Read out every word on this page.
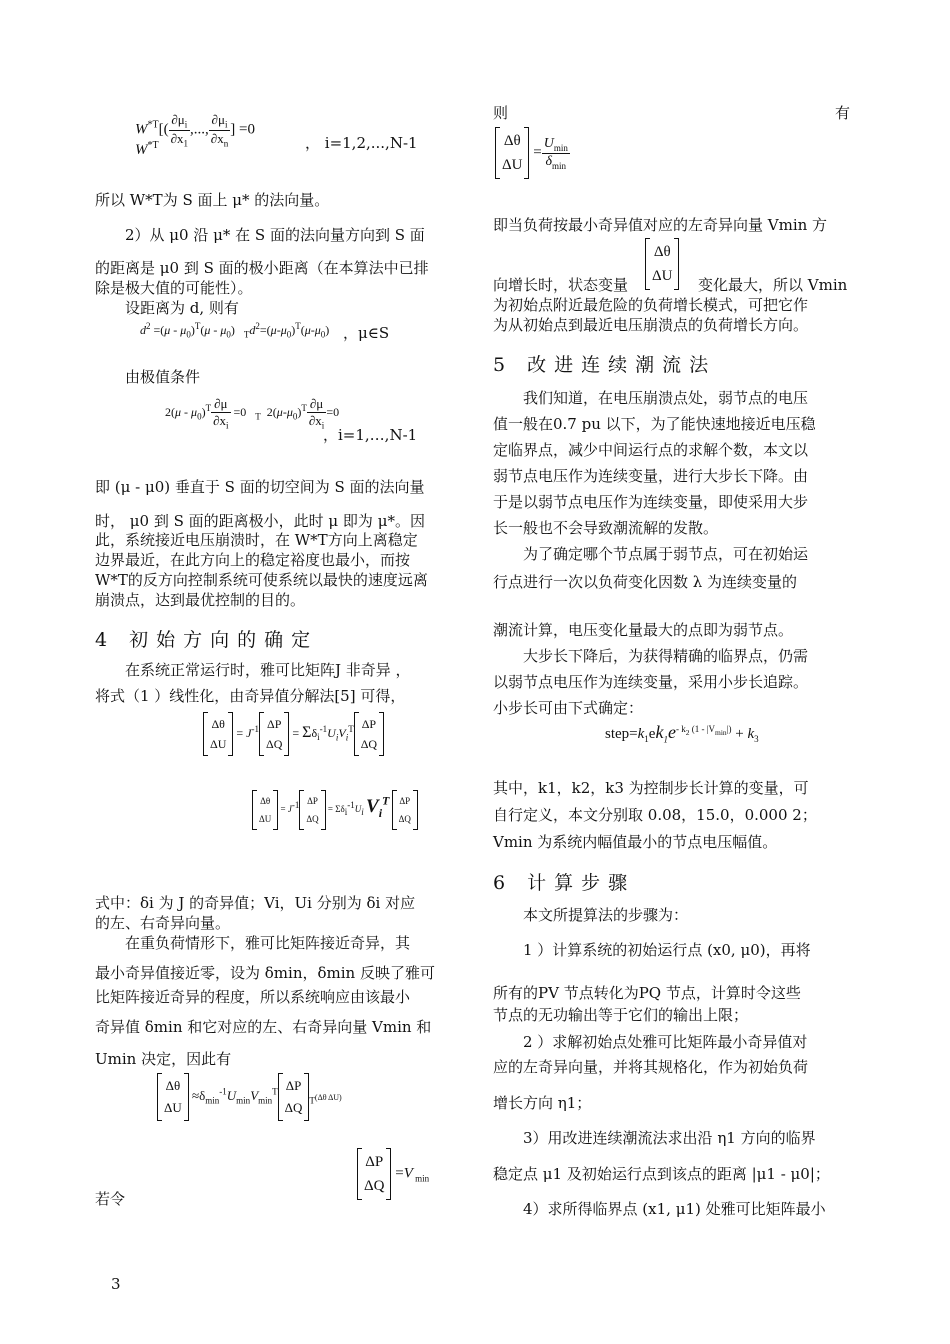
$W^{*T}[( \frac{\partial\mu_i}{\partial x_1}$ ,..., $\frac{\partial\mu_i}{\partial x_n}$ ] =0
$W^{*T}$	， i=1,2,...,N-1
所以 W*T为 S 面上 μ* 的法向量。
2）从 μ0 沿 μ* 在 S 面的法向量方向到 S 面
的距离是 μ0 到 S 面的极小距离（在本算法中已排
除是极大值的可能性）。
设距离为 d, 则有
$d^2 =(\mu - \mu_0)^T(\mu - \mu_0)$   $_Td^2=(\mu-\mu_0)^T(\mu-\mu_0)$ ，μ∈S
由极值条件
$2(\mu - \mu_0)^T \frac{\partial\mu}{\partial x_i} =0$   $_T$  $2(\mu-\mu_0)^T \frac{\partial\mu}{\partial x_i} =0$
，i=1,…,N-1
即 (μ - μ0) 垂直于 S 面的切空间为 S 面的法向量
时， μ0 到 S 面的距离极小，此时 μ 即为 μ*。因
此，系统接近电压崩溃时，在 W*T方向上离稳定
边界最近，在此方向上的稳定裕度也最小，而按
W*T的反方向控制系统可使系统以最快的速度远离
崩溃点，达到最优控制的目的。
4 初始方向的确定
在系统正常运行时，雅可比矩阵J 非奇异 ，
将式（1 ）线性化，由奇异值分解法[5] 可得，
Δθ
$\Delta U = J^{-1}$ ΔP
$\Delta Q = \Sigma\delta_i^{-1}U_iV_i^T$ ΔP
ΔQ
Δθ
$\Delta U = J^{-1}$ ΔP
$\Delta Q = \Sigma\delta_i^{-1}U_i$ $V_i^T$ ΔP
ΔQ
式中：δi 为 J 的奇异值；Vi，Ui 分别为 δi 对应
的左、右奇异向量。
在重负荷情形下，雅可比矩阵接近奇异，其
最小奇异值接近零，设为 δmin，δmin 反映了雅可
比矩阵接近奇异的程度，所以系统响应由该最小
奇异值 δmin 和它对应的左、右奇异向量 Vmin 和
Umin 决定，因此有
Δθ
$\Delta U \approx\delta_{min}^{-1}U_{min}V_{min}^T$ ΔP
ΔQ $_T$(Δθ ΔU)
ΔP
ΔQ =V $_{min}$
若令
则	有
Δθ
$\Delta U = \frac{U_{min}}{\delta_{min}}$
即当负荷按最小奇异值对应的左奇异向量 Vmin 方
向增长时，状态变量
Δθ
ΔU	变化最大，所以 Vmin
为初始点附近最危险的负荷增长模式，可把它作
为从初始点到最近电压崩溃点的负荷增长方向。
5 改进连续潮流法
我们知道，在电压崩溃点处，弱节点的电压
值一般在0.7 pu 以下，为了能快速地接近电压稳
定临界点，减少中间运行点的求解个数，本文以
弱节点电压作为连续变量，进行大步长下降。由
于是以弱节点电压作为连续变量，即使采用大步
长一般也不会导致潮流解的发散。
为了确定哪个节点属于弱节点，可在初始运
行点进行一次以负荷变化因数 λ 为连续变量的
潮流计算，电压变化量最大的点即为弱节点。
大步长下降后，为获得精确的临界点，仍需
以弱节点电压作为连续变量，采用小步长追踪。
小步长可由下式确定：
$step=k_1ek_1e^{- k_2 (1 - |V_{min}|)} + k_3$
其中，k1，k2，k3 为控制步长计算的变量，可
自行定义，本文分别取 0.08，15.0，0.000 2；
Vmin 为系统内幅值最小的节点电压幅值。
6 计算步骤
本文所提算法的步骤为：
1 ）计算系统的初始运行点 (x0, μ0)，再将
所有的PV 节点转化为PQ 节点，计算时令这些
节点的无功输出等于它们的输出上限；
2 ）求解初始点处雅可比矩阵最小奇异值对
应的左奇异向量，并将其规格化，作为初始负荷
增长方向 η1；
3）用改进连续潮流法求出沿 η1 方向的临界
稳定点 μ1 及初始运行点到该点的距离 |μ1 - μ0|；
4）求所得临界点 (x1, μ1) 处雅可比矩阵最小
3
